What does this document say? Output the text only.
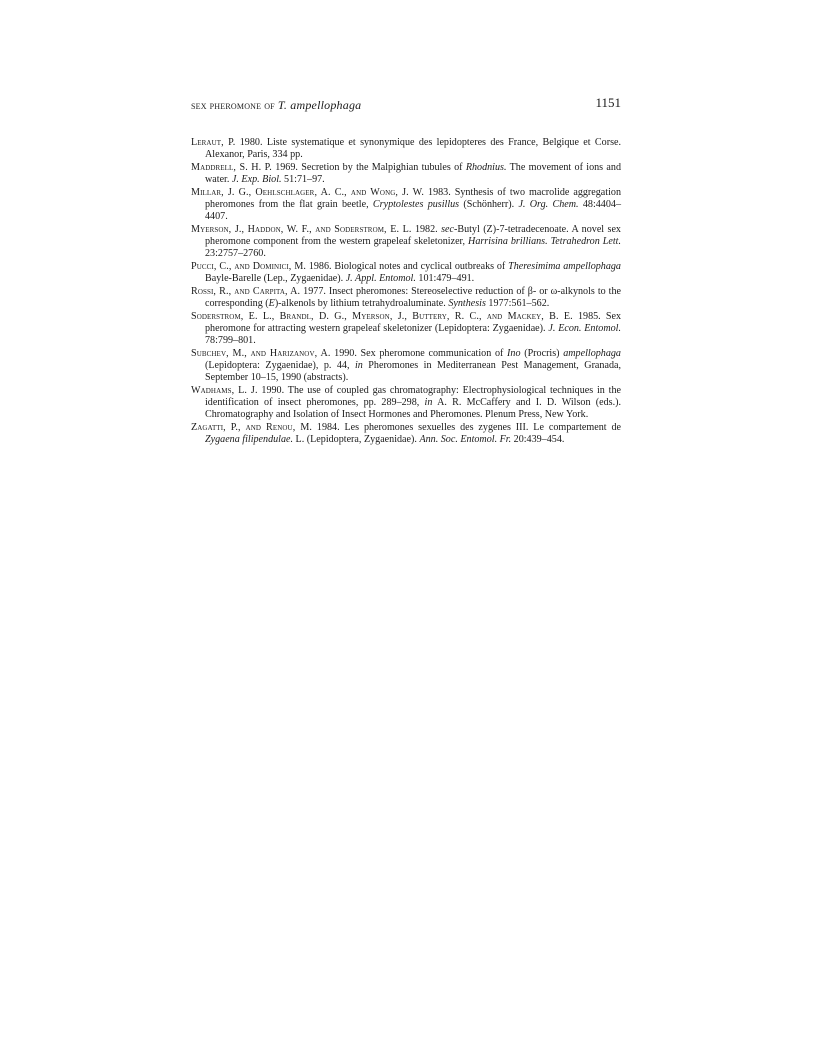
sex pheromone of T. ampellophaga	1151

Leraut, P. 1980. Liste systematique et synonymique des lepidopteres des France, Belgique et Corse. Alexanor, Paris, 334 pp.

Maddrell, S. H. P. 1969. Secretion by the Malpighian tubules of Rhodnius. The movement of ions and water. J. Exp. Biol. 51:71–97.

Millar, J. G., Oehlschlager, A. C., and Wong, J. W. 1983. Synthesis of two macrolide aggregation pheromones from the flat grain beetle, Cryptolestes pusillus (Schönherr). J. Org. Chem. 48:4404–4407.

Myerson, J., Haddon, W. F., and Soderstrom, E. L. 1982. sec-Butyl (Z)-7-tetradecenoate. A novel sex pheromone component from the western grapeleaf skeletonizer, Harrisina brillians. Tetrahedron Lett. 23:2757–2760.

Pucci, C., and Dominici, M. 1986. Biological notes and cyclical outbreaks of Theresimima ampellophaga Bayle-Barelle (Lep., Zygaenidae). J. Appl. Entomol. 101:479–491.

Rossi, R., and Carpita, A. 1977. Insect pheromones: Stereoselective reduction of β- or ω-alkynols to the corresponding (E)-alkenols by lithium tetrahydroaluminate. Synthesis 1977:561–562.

Soderstrom, E. L., Brandl, D. G., Myerson, J., Buttery, R. C., and Mackey, B. E. 1985. Sex pheromone for attracting western grapeleaf skeletonizer (Lepidoptera: Zygaenidae). J. Econ. Entomol. 78:799–801.

Subchev, M., and Harizanov, A. 1990. Sex pheromone communication of Ino (Procris) ampellophaga (Lepidoptera: Zygaenidae), p. 44, in Pheromones in Mediterranean Pest Management, Granada, September 10–15, 1990 (abstracts).

Wadhams, L. J. 1990. The use of coupled gas chromatography: Electrophysiological techniques in the identification of insect pheromones, pp. 289–298, in A. R. McCaffery and I. D. Wilson (eds.). Chromatography and Isolation of Insect Hormones and Pheromones. Plenum Press, New York.

Zagatti, P., and Renou, M. 1984. Les pheromones sexuelles des zygenes III. Le compartement de Zygaena filipendulae. L. (Lepidoptera, Zygaenidae). Ann. Soc. Entomol. Fr. 20:439–454.
